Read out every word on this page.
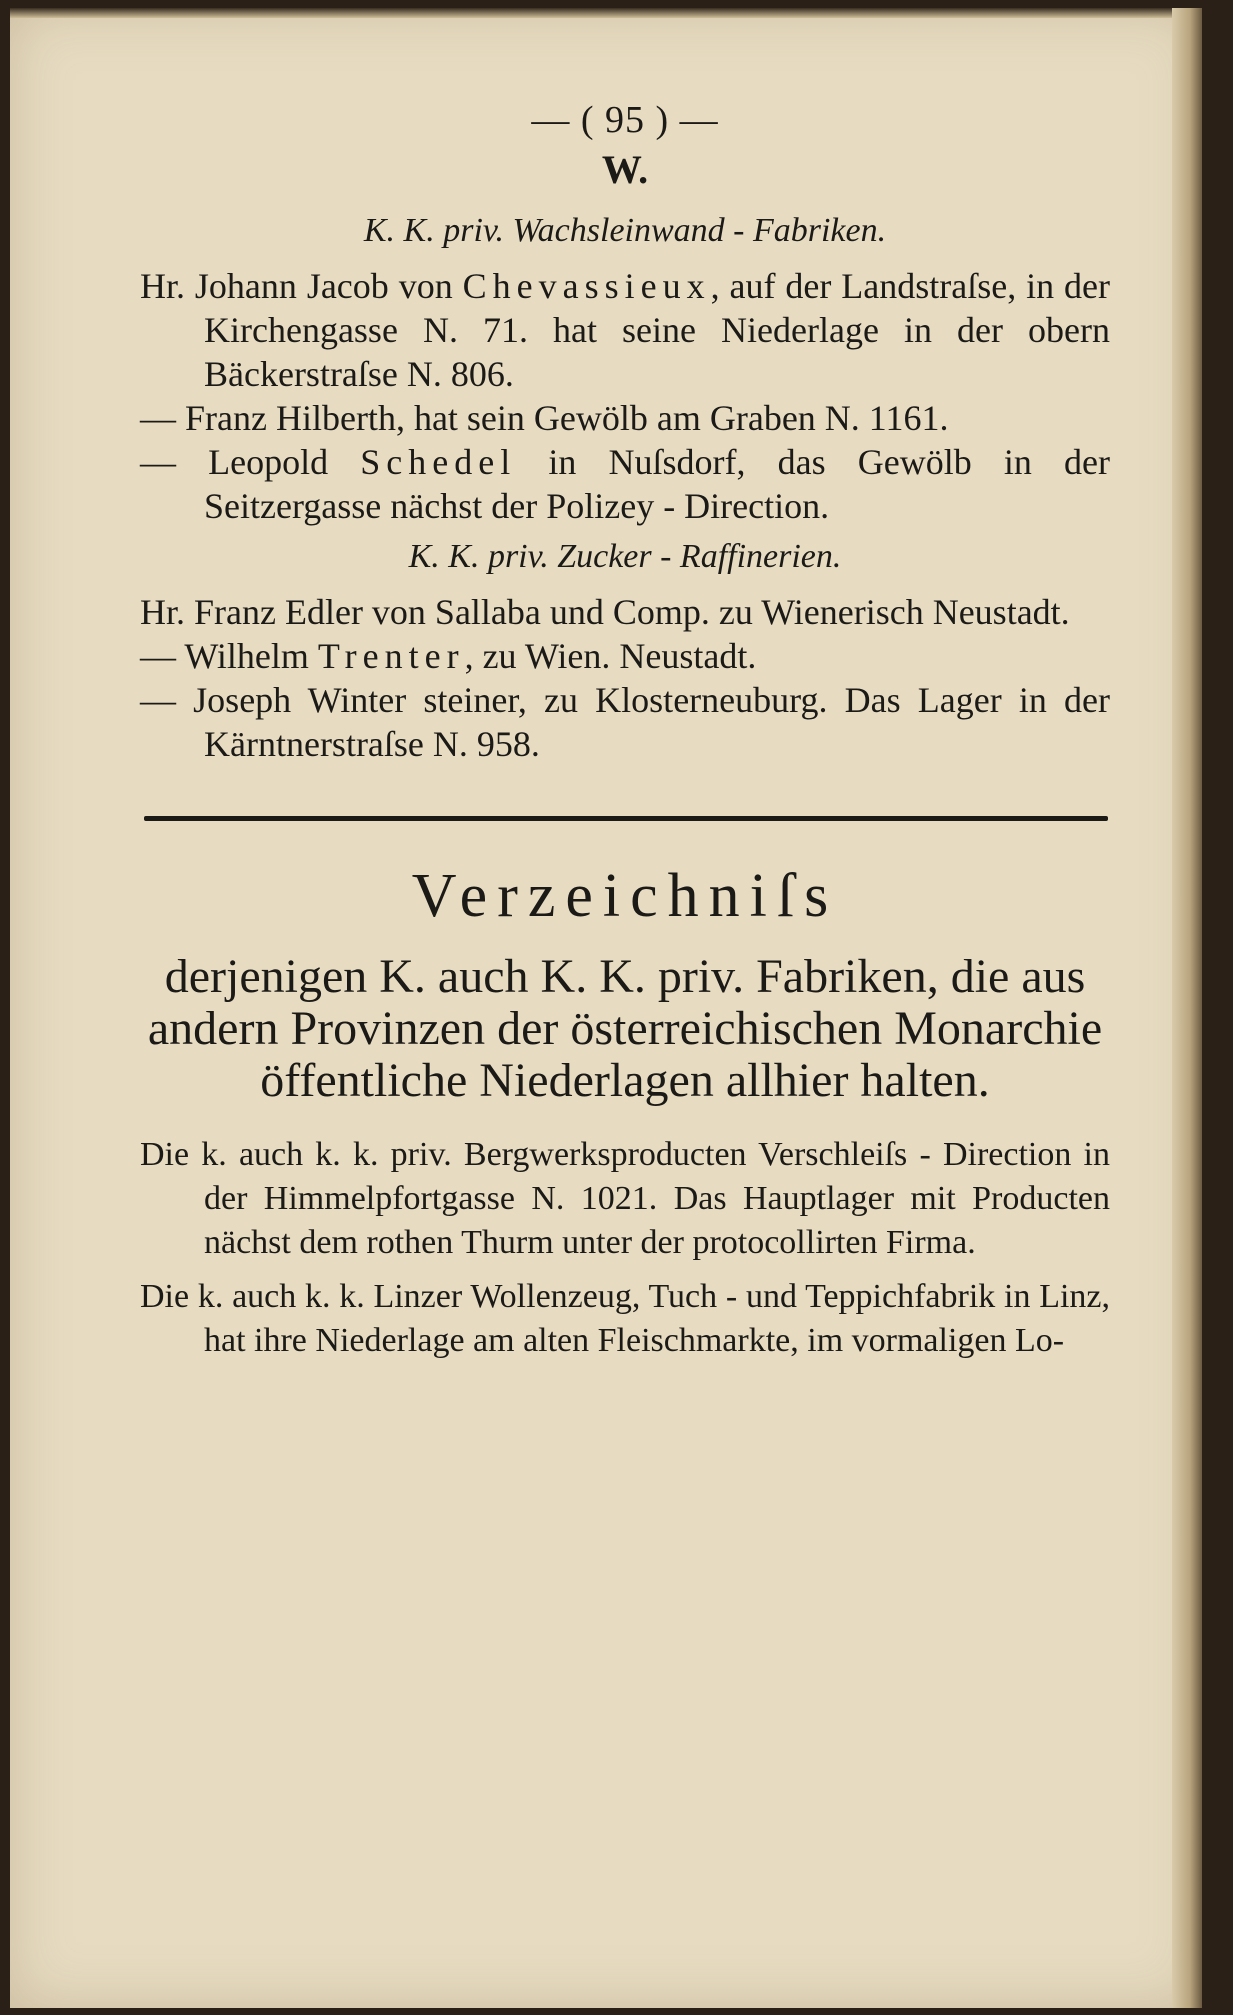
— ( 95 ) —
W.
K. K. priv. Wachsleinwand - Fabriken.

Hr. Johann Jacob von Chevassieux, auf der Landstraſse, in der Kirchengasse N. 71. hat seine Niederlage in der obern Bäckerstraſse N. 806.

— Franz Hilberth, hat sein Gewölb am Graben N. 1161.

— Leopold Schedel in Nuſsdorf, das Gewölb in der Seitzergasse nächst der Polizey - Direction.

K. K. priv. Zucker - Raffinerien.

Hr. Franz Edler von Sallaba und Comp. zu Wienerisch Neustadt.

— Wilhelm Trenter, zu Wien. Neustadt.

— Joseph Winter steiner, zu Klosterneuburg. Das Lager in der Kärntnerstraſse N. 958.

Verzeichniſs
derjenigen K. auch K. K. priv. Fabriken, die aus andern Provinzen der österreichischen Monarchie öffentliche Niederlagen allhier halten.

Die k. auch k. k. priv. Bergwerksproducten Verschleiſs - Direction in der Himmelpfortgasse N. 1021. Das Hauptlager mit Producten nächst dem rothen Thurm unter der protocollirten Firma.

Die k. auch k. k. Linzer Wollenzeug, Tuch - und Teppichfabrik in Linz, hat ihre Niederlage am alten Fleischmarkte, im vormaligen Lo-
